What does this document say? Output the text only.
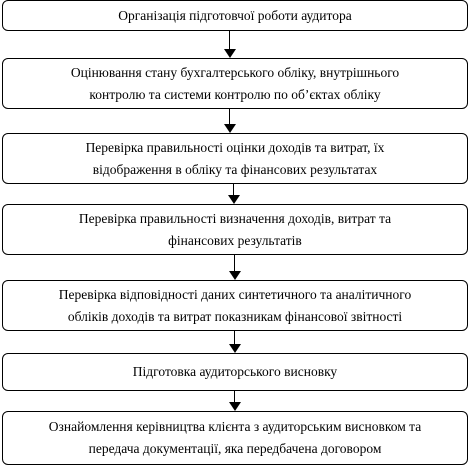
Організація підготовчої роботи аудитора
Оцінювання стану бухгалтерського обліку, внутрішнього
контролю та системи контролю по об’єктах обліку
Перевірка правильності оцінки доходів та витрат, їх
відображення в обліку та фінансових результатах
Перевірка правильності визначення доходів, витрат та
фінансових результатів
Перевірка відповідності даних синтетичного та аналітичного
обліків доходів та витрат показникам фінансової звітності
Підготовка аудиторського висновку
Ознайомлення керівництва клієнта з аудиторським висновком та
передача документації, яка передбачена договором
